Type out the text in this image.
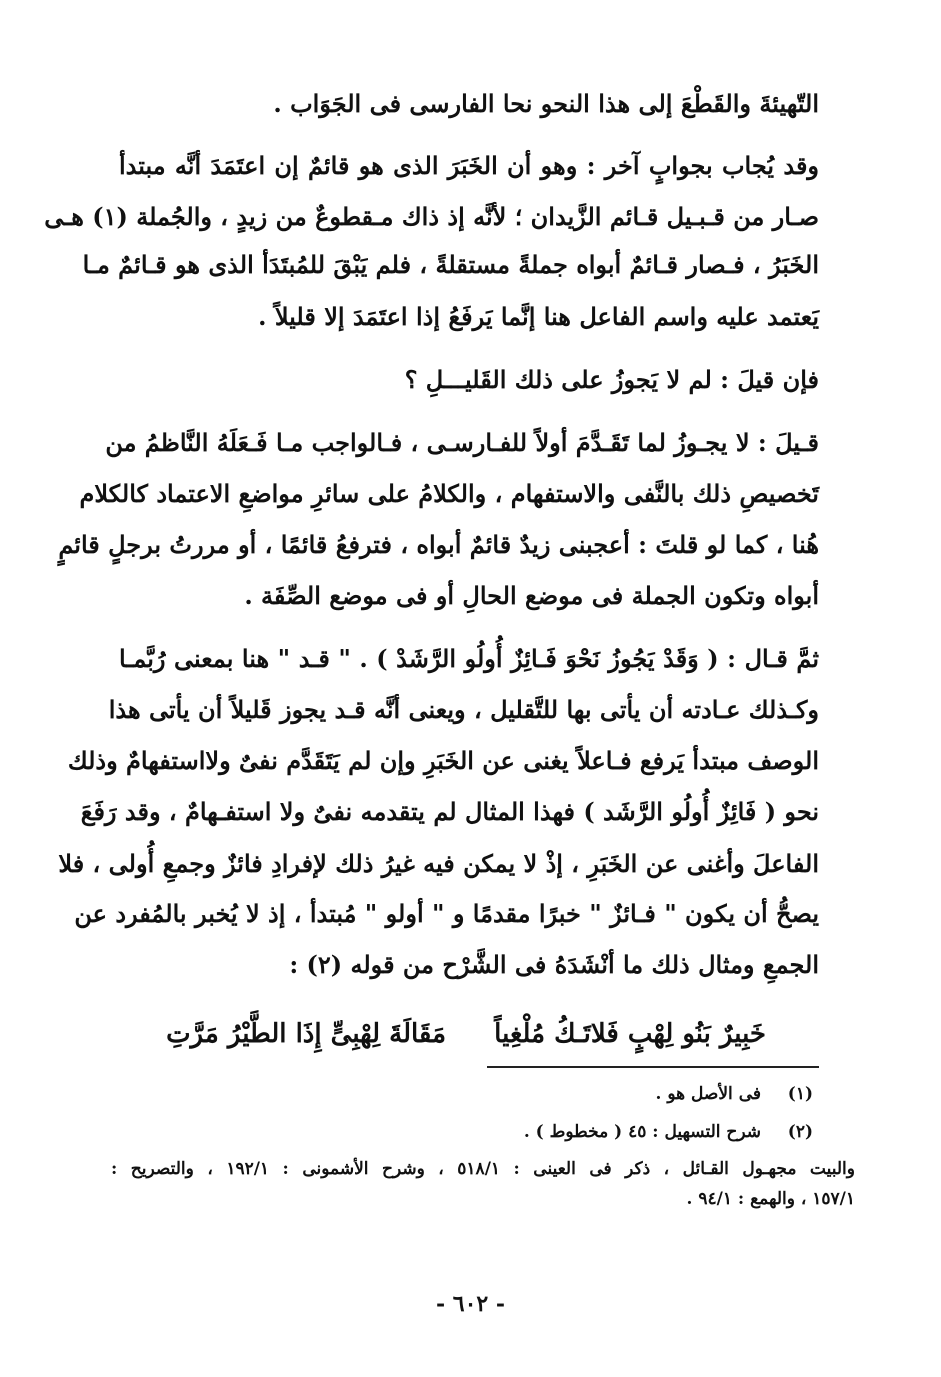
التّهيئةَ والقَطْعَ إلى هذا النحو نحا الفارسى فى الجَوَاب .
وقد يُجاب بجوابٍ آخر : وهو أن الخَبَرَ الذى هو قائمٌ إن اعتَمَدَ أنَّه مبتدأ
صـار من قـبـيل قـائم الزَّيدان ؛ لأنَّه إذ ذاك مـقطوعٌ من زيدٍ ، والجُملة (١) هـى
الخَبَرُ ، فـصار قـائمٌ أبواه جملةً مستقلةً ، فلم يَبْقَ للمُبتَدَأ الذى هو قـائمٌ مـا
يَعتمد عليه واسم الفاعل هنا إنَّما يَرفَعُ إذا اعتَمَدَ إلا قليلاً .
فإن قيلَ : لم لا يَجوزُ على ذلك القَليـــلِ ؟
قـيلَ : لا يجـوزُ لما تَقَـدَّمَ أولاً للفـارسـى ، فـالواجب مـا فَـعَلَهُ النَّاظمُ من
تَخصيصِ ذلك بالنَّفى والاستفهام ، والكلامُ على سائرِ مواضعِ الاعتماد كالكلام
هُنا ، كما لو قلتَ : أعجبنى زيدٌ قائمٌ أبواه ، فترفعُ قائمًا ، أو مررتُ برجلٍ قائمٍ
أبواه وتكون الجملة فى موضع الحالِ أو فى موضع الصِّفَة .
ثمَّ قـال : ( وَقَدْ يَجُوزُ نَحْوَ فَـائِزٌ أُولُو الرَّشَدْ ) . " قـد " هنا بمعنى رُبَّمـا
وكـذلك عـادته أن يأتى بها للتَّقليل ، ويعنى أنَّه قـد يجوز قَليلاً أن يأتى هذا
الوصف مبتدأ يَرفع فـاعلاً يغنى عن الخَبَرِ وإن لم يَتَقَدَّم نفىٌ ولااستفهامٌ وذلك
نحو ( فَائِزٌ أُولُو الرَّشَد ) فهذا المثال لم يتقدمه نفىٌ ولا استفـهامٌ ، وقد رَفَعَ
الفاعلَ وأغنى عن الخَبَرِ ، إذْ لا يمكن فيه غيرُ ذلك لإفرادِ فائزٌ وجمعِ أُولى ، فلا
يصحُّ أن يكون " فـائزٌ " خبرًا مقدمًا و " أولو " مُبتدأ ، إذ لا يُخبر بالمُفرد عن
الجمعِ ومثال ذلك ما أنْشَدَهُ فى الشَّرْح من قوله (٢) :
خَبِيرٌ بَنُو لِهْبٍ فَلاتَـكُ مُلْغِياً
مَقَالَةَ لِهْبِىٍّ إِذَا الطَّيْرُ مَرَّتِ
(١)
فى الأصل هو .
(٢)
شرح التسهيل : ٤٥ ( مخطوط ) .
والبيت مجهـول القـائل ، ذكر فى العينى : ٥١٨/١ ، وشرح الأشمونى : ١٩٢/١ ، والتصريح :
١٥٧/١ ، والهمع : ٩٤/١ .
- ٦٠٢ -
